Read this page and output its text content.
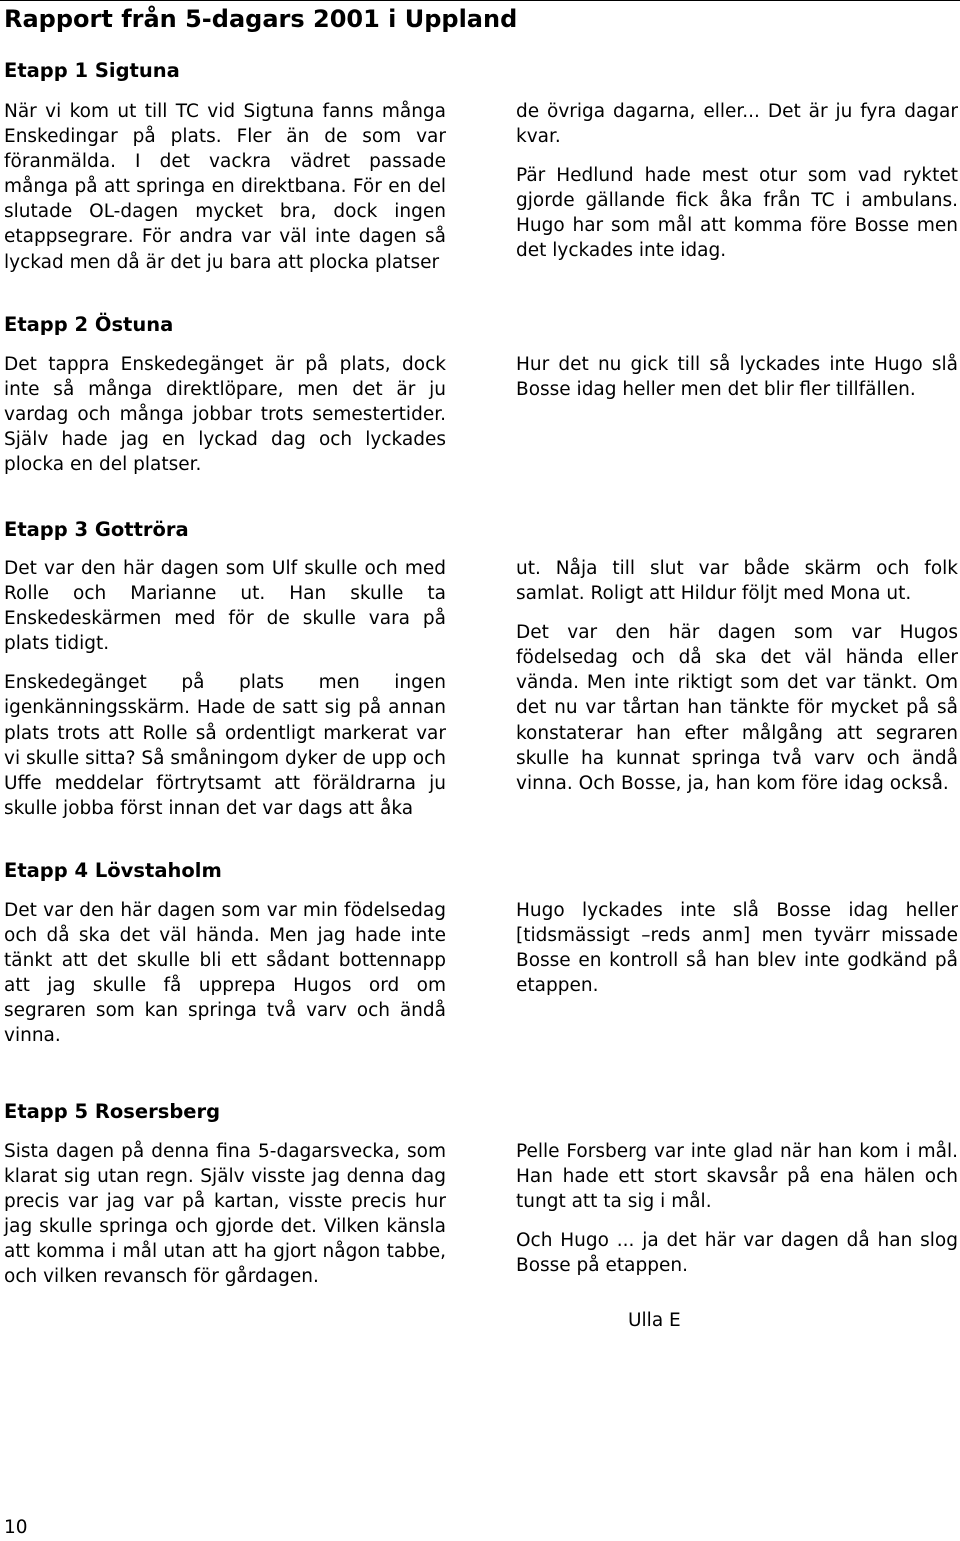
Rapport från 5-dagars 2001 i Uppland
Etapp 1 Sigtuna

När vi kom ut till TC vid Sigtuna fanns många Enskedingar på plats. Fler än de som var föranmälda. I det vackra vädret passade många på att springa en direktbana. För en del slutade OL-dagen mycket bra, dock ingen etappsegrare. För andra var väl inte dagen så lyckad men då är det ju bara att plocka platser

de övriga dagarna, eller... Det är ju fyra dagar kvar.

Pär Hedlund hade mest otur som vad ryktet gjorde gällande fick åka från TC i ambulans. Hugo har som mål att komma före Bosse men det lyckades inte idag.

Etapp 2 Östuna

Det tappra Enskedegänget är på plats, dock inte så många direktlöpare, men det är ju vardag och många jobbar trots semestertider. Själv hade jag en lyckad dag och lyckades plocka en del platser.

Hur det nu gick till så lyckades inte Hugo slå Bosse idag heller men det blir fler tillfällen.

Etapp 3 Gottröra

Det var den här dagen som Ulf skulle och med Rolle och Marianne ut. Han skulle ta Enskedeskärmen med för de skulle vara på plats tidigt.

Enskedegänget på plats men ingen igenkänningsskärm. Hade de satt sig på annan plats trots att Rolle så ordentligt markerat var vi skulle sitta? Så småningom dyker de upp och Uffe meddelar förtrytsamt att föräldrarna ju skulle jobba först innan det var dags att åka

ut. Nåja till slut var både skärm och folk samlat. Roligt att Hildur följt med Mona ut.

Det var den här dagen som var Hugos födelsedag och då ska det väl hända eller vända. Men inte riktigt som det var tänkt. Om det nu var tårtan han tänkte för mycket på så konstaterar han efter målgång att segraren skulle ha kunnat springa två varv och ändå vinna. Och Bosse, ja, han kom före idag också.

Etapp 4 Lövstaholm

Det var den här dagen som var min födelsedag och då ska det väl hända. Men jag hade inte tänkt att det skulle bli ett sådant bottennapp att jag skulle få upprepa Hugos ord om segraren som kan springa två varv och ändå vinna.

Hugo lyckades inte slå Bosse idag heller [tidsmässigt –reds anm] men tyvärr missade Bosse en kontroll så han blev inte godkänd på etappen.

Etapp 5 Rosersberg

Sista dagen på denna fina 5-dagarsvecka, som klarat sig utan regn. Själv visste jag denna dag precis var jag var på kartan, visste precis hur jag skulle springa och gjorde det. Vilken känsla att komma i mål utan att ha gjort någon tabbe, och vilken revansch för gårdagen.

Pelle Forsberg var inte glad när han kom i mål. Han hade ett stort skavsår på ena hälen och tungt att ta sig i mål.

Och Hugo ... ja det här var dagen då han slog Bosse på etappen.

Ulla E
10
